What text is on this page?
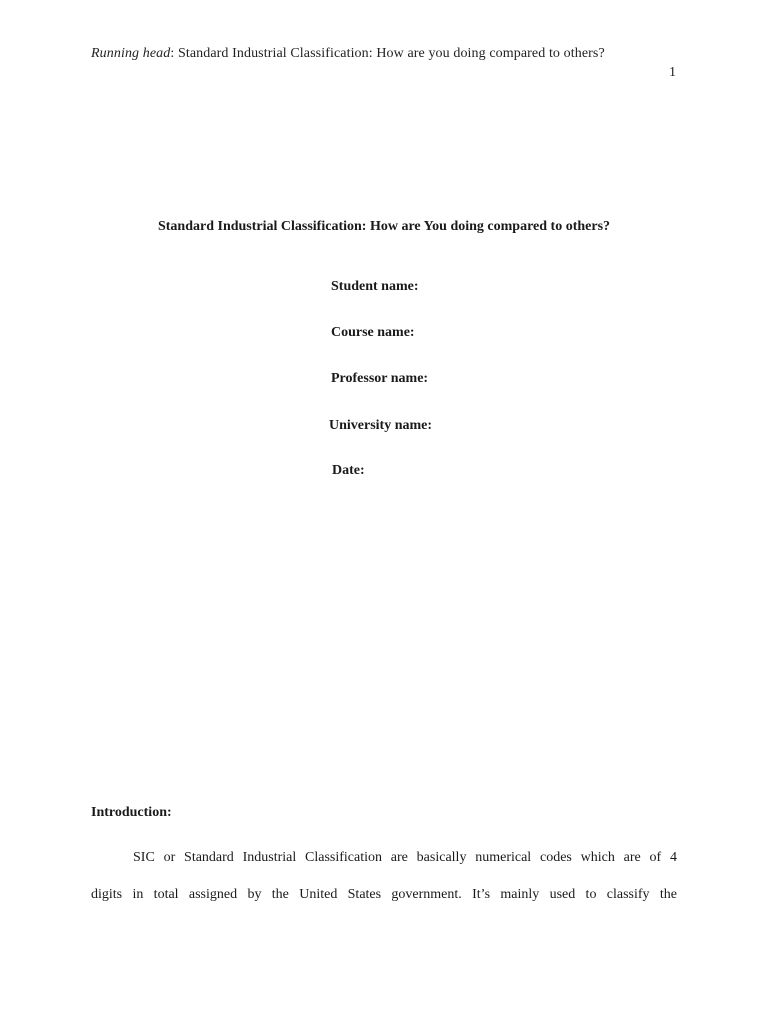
Running head: Standard Industrial Classification: How are you doing compared to others?
1
Standard Industrial Classification: How are You doing compared to others?
Student name:
Course name:
Professor name:
University name:
Date:
Introduction:
SIC or Standard Industrial Classification are basically numerical codes which are of 4
digits in total assigned by the United States government. It’s mainly used to classify the
